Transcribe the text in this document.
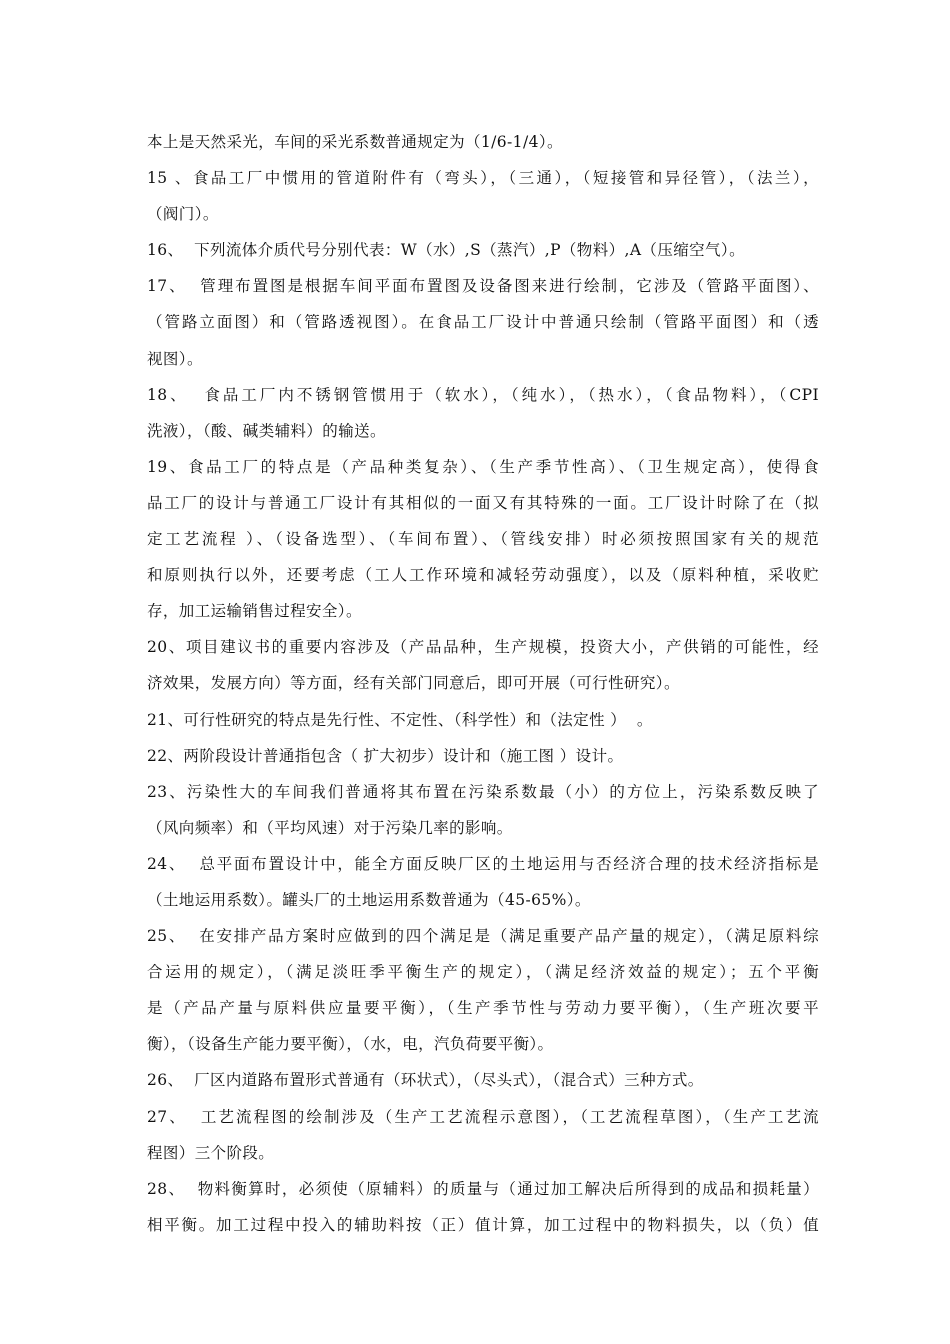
本上是天然采光，车间的采光系数普通规定为（1/6-1/4）。
15 、食品工厂中惯用的管道附件有（弯头），（三通），（短接管和异径管），（法兰），
（阀门）。
16、  下列流体介质代号分别代表：W（水）,S（蒸汽）,P（物料）,A（压缩空气）。
17、  管理布置图是根据车间平面布置图及设备图来进行绘制，它涉及（管路平面图）、
（管路立面图）和（管路透视图）。在食品工厂设计中普通只绘制（管路平面图）和（透
视图）。
18、  食品工厂内不锈钢管惯用于（软水），（纯水），（热水），（食品物料），（CPI
洗液），（酸、碱类辅料）的输送。
19、食品工厂的特点是（产品种类复杂）、（生产季节性高）、（卫生规定高），使得食
品工厂的设计与普通工厂设计有其相似的一面又有其特殊的一面。工厂设计时除了在（拟
定工艺流程 ）、（设备选型）、（车间布置）、（管线安排）时必须按照国家有关的规范
和原则执行以外，还要考虑（工人工作环境和减轻劳动强度），以及（原料种植，采收贮
存，加工运输销售过程安全）。
20、项目建议书的重要内容涉及（产品品种，生产规模，投资大小，产供销的可能性，经
济效果，发展方向）等方面，经有关部门同意后，即可开展（可行性研究）。
21、可行性研究的特点是先行性、不定性、（科学性）和（法定性 ）  。
22、两阶段设计普通指包含（ 扩大初步）设计和（施工图 ）设计。
23、污染性大的车间我们普通将其布置在污染系数最（小）的方位上，污染系数反映了
（风向频率）和（平均风速）对于污染几率的影响。
24、  总平面布置设计中，能全方面反映厂区的土地运用与否经济合理的技术经济指标是
（土地运用系数）。罐头厂的土地运用系数普通为（45-65%）。
25、  在安排产品方案时应做到的四个满足是（满足重要产品产量的规定），（满足原料综
合运用的规定），（满足淡旺季平衡生产的规定），（满足经济效益的规定）；五个平衡
是（产品产量与原料供应量要平衡），（生产季节性与劳动力要平衡），（生产班次要平
衡），（设备生产能力要平衡），（水，电，汽负荷要平衡）。
26、  厂区内道路布置形式普通有（环状式），（尽头式），（混合式）三种方式。
27、  工艺流程图的绘制涉及（生产工艺流程示意图），（工艺流程草图），（生产工艺流
程图）三个阶段。
28、  物料衡算时，必须使（原辅料）的质量与（通过加工解决后所得到的成品和损耗量）
相平衡。加工过程中投入的辅助料按（正）值计算，加工过程中的物料损失，以（负）值
